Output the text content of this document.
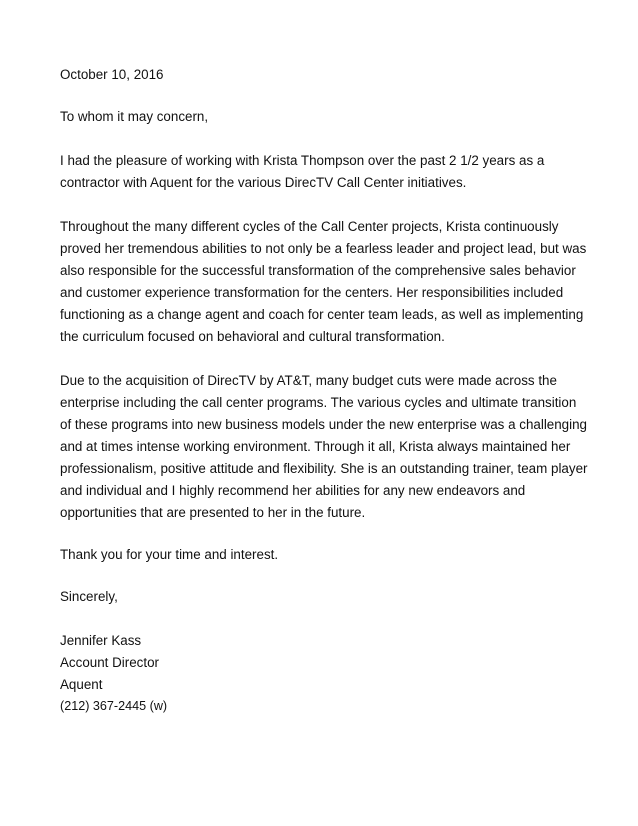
October 10, 2016

To whom it may concern,

I had the pleasure of working with Krista Thompson over the past 2 1/2 years as a contractor with Aquent for the various DirecTV Call Center initiatives.

Throughout the many different cycles of the Call Center projects, Krista continuously proved her tremendous abilities to not only be a fearless leader and project lead, but was also responsible for the successful transformation of the comprehensive sales behavior and customer experience transformation for the centers. Her responsibilities included functioning as a change agent and coach for center team leads, as well as implementing the curriculum focused on behavioral and cultural transformation.

Due to the acquisition of DirecTV by AT&T, many budget cuts were made across the enterprise including the call center programs. The various cycles and ultimate transition of these programs into new business models under the new enterprise was a challenging and at times intense working environment. Through it all, Krista always maintained her professionalism, positive attitude and flexibility. She is an outstanding trainer, team player and individual and I highly recommend her abilities for any new endeavors and opportunities that are presented to her in the future.

Thank you for your time and interest.

Sincerely,

Jennifer Kass
Account Director
Aquent
(212) 367-2445 (w)
